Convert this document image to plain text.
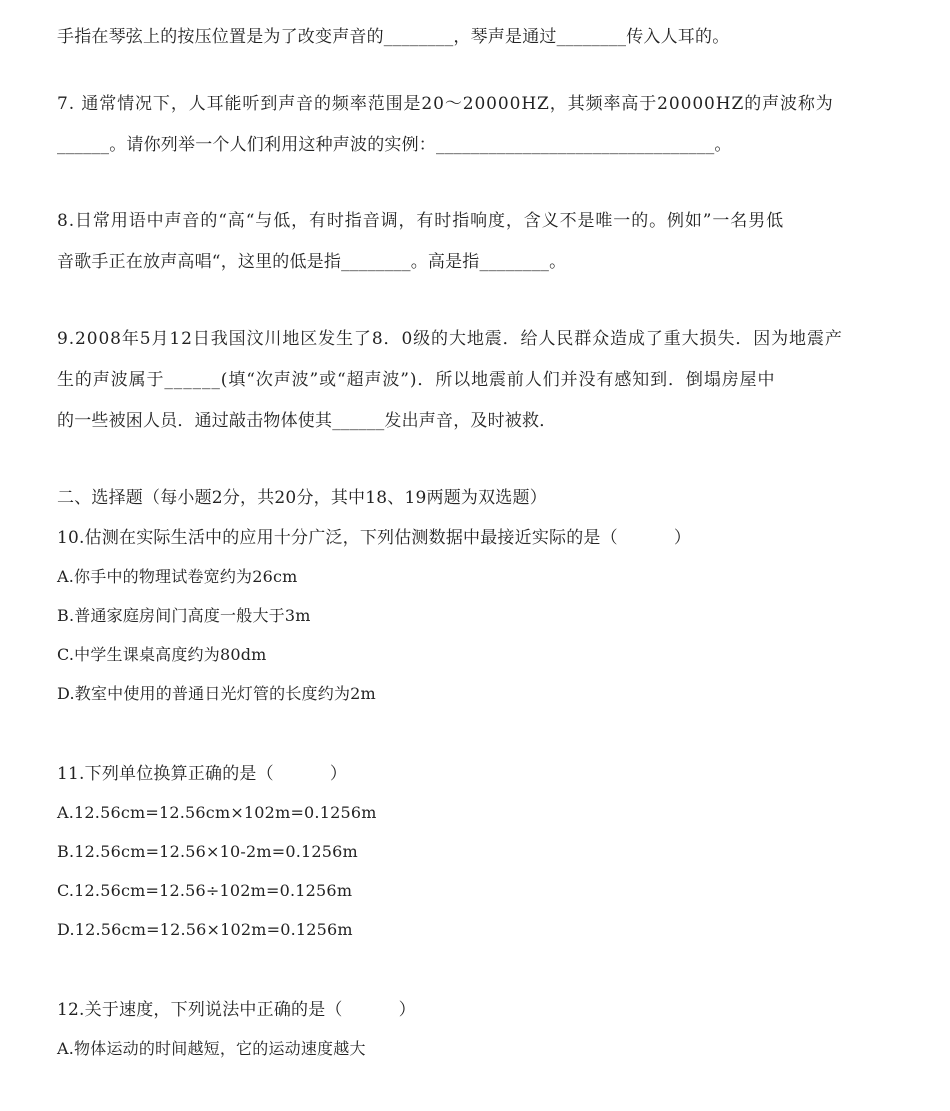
手指在琴弦上的按压位置是为了改变声音的________，琴声是通过________传入人耳的。
7. 通常情况下，人耳能听到声音的频率范围是20～20000HZ，其频率高于20000HZ的声波称为
______。请你列举一个人们利用这种声波的实例：________________________________。
8.日常用语中声音的“高“与低，有时指音调，有时指响度，含义不是唯一的。例如”一名男低
音歌手正在放声高唱“，这里的低是指________。高是指________。
9.2008年5月12日我国汶川地区发生了8．0级的大地震．给人民群众造成了重大损失．因为地震产
生的声波属于______(填“次声波”或“超声波”)．所以地震前人们并没有感知到．倒塌房屋中
的一些被困人员．通过敲击物体使其______发出声音，及时被救．
二、选择题（每小题2分，共20分，其中18、19两题为双选题）
10.估测在实际生活中的应用十分广泛，下列估测数据中最接近实际的是（          ）
A.你手中的物理试卷宽约为26cm
B.普通家庭房间门高度一般大于3m
C.中学生课桌高度约为80dm
D.教室中使用的普通日光灯管的长度约为2m
11.下列单位换算正确的是（          ）
A.12.56cm=12.56cm×102m=0.1256m
B.12.56cm=12.56×10-2m=0.1256m
C.12.56cm=12.56÷102m=0.1256m
D.12.56cm=12.56×102m=0.1256m
12.关于速度，下列说法中正确的是（          ）
A.物体运动的时间越短，它的运动速度越大
